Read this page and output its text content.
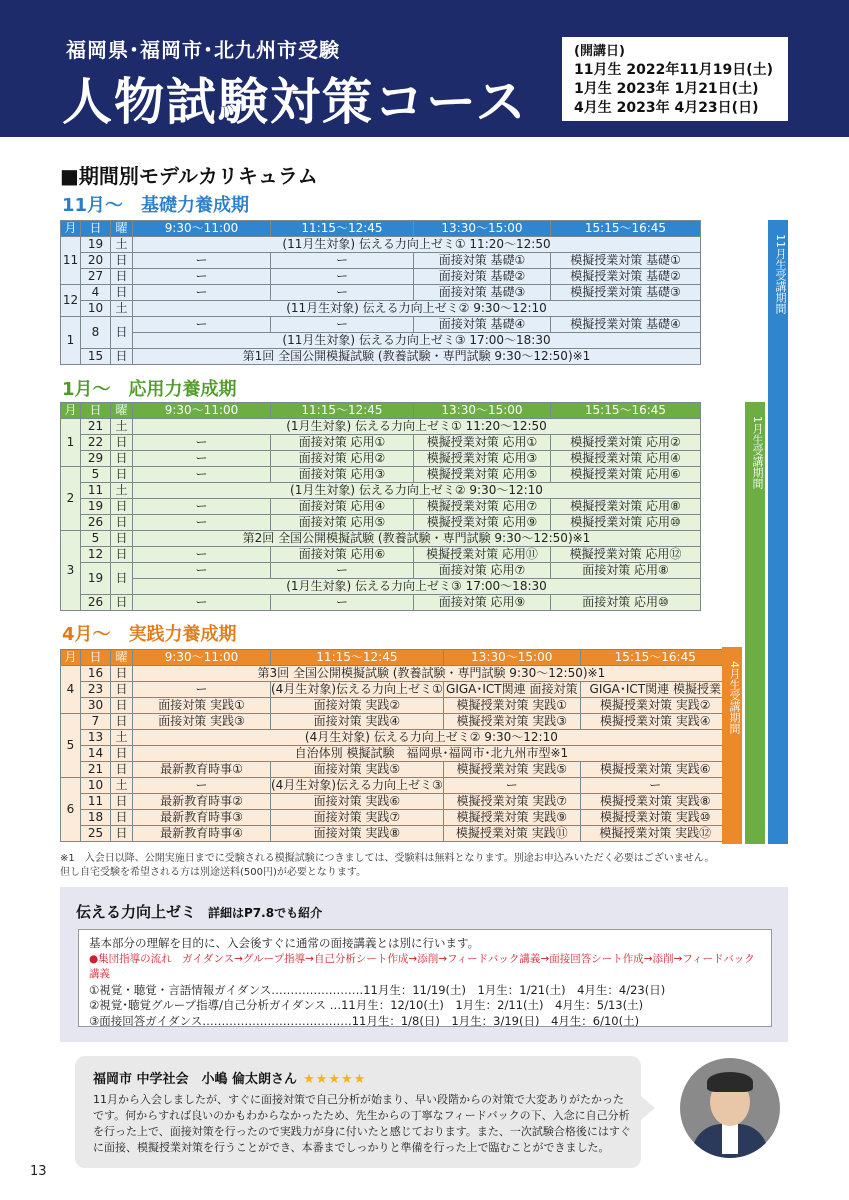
福岡県･福岡市･北九州市受験
人物試験対策コース
(開講日)
11月生 2022年11月19日(土)
1月生 2023年 1月21日(土)
4月生 2023年 4月23日(日)
■期間別モデルカリキュラム
11月～　基礎力養成期
月	日	曜	9:30～11:00	11:15～12:45	13:30～15:00	15:15～16:45
11	19	土	(11月生対象) 伝える力向上ゼミ① 11:20～12:50			
	20	日	ー	ー	面接対策 基礎①	模擬授業対策 基礎①
	27	日	ー	ー	面接対策 基礎②	模擬授業対策 基礎②
12	4	日	ー	ー	面接対策 基礎③	模擬授業対策 基礎③
	10	土	(11月生対象) 伝える力向上ゼミ② 9:30～12:10			
1	8	日	ー	ー	面接対策 基礎④	模擬授業対策 基礎④
			(11月生対象) 伝える力向上ゼミ③ 17:00～18:30			
	15	日	第1回 全国公開模擬試験 (教養試験・専門試験 9:30～12:50)※1			
1月～　応用力養成期
月	日	曜	9:30～11:00	11:15～12:45	13:30～15:00	15:15～16:45
1	21	土	(1月生対象) 伝える力向上ゼミ① 11:20～12:50			
	22	日	ー	面接対策 応用①	模擬授業対策 応用①	模擬授業対策 応用②
	29	日	ー	面接対策 応用②	模擬授業対策 応用③	模擬授業対策 応用④
2	5	日	ー	面接対策 応用③	模擬授業対策 応用⑤	模擬授業対策 応用⑥
	11	土	(1月生対象) 伝える力向上ゼミ② 9:30～12:10			
	19	日	ー	面接対策 応用④	模擬授業対策 応用⑦	模擬授業対策 応用⑧
	26	日	ー	面接対策 応用⑤	模擬授業対策 応用⑨	模擬授業対策 応用⑩
3	5	日	第2回 全国公開模擬試験 (教養試験・専門試験 9:30～12:50)※1			
	12	日	ー	面接対策 応用⑥	模擬授業対策 応用⑪	模擬授業対策 応用⑫
	19	日	ー	ー	面接対策 応用⑦	面接対策 応用⑧
			(1月生対象) 伝える力向上ゼミ③ 17:00～18:30			
	26	日	ー	ー	面接対策 応用⑨	面接対策 応用⑩
4月～　実践力養成期
月	日	曜	9:30～11:00	11:15～12:45	13:30～15:00	15:15～16:45
4	16	日	第3回 全国公開模擬試験 (教養試験・専門試験 9:30～12:50)※1			
	23	日	ー	(4月生対象)伝える力向上ゼミ①	GIGA･ICT関連 面接対策	GIGA･ICT関連 模擬授業
	30	日	面接対策 実践①	面接対策 実践②	模擬授業対策 実践①	模擬授業対策 実践②
5	7	日	面接対策 実践③	面接対策 実践④	模擬授業対策 実践③	模擬授業対策 実践④
	13	土	(4月生対象) 伝える力向上ゼミ② 9:30～12:10			
	14	日	自治体別 模擬試験　福岡県･福岡市･北九州市型※1			
	21	日	最新教育時事①	面接対策 実践⑤	模擬授業対策 実践⑤	模擬授業対策 実践⑥
6	10	土	ー	(4月生対象)伝える力向上ゼミ③	ー	ー
	11	日	最新教育時事②	面接対策 実践⑥	模擬授業対策 実践⑦	模擬授業対策 実践⑧
	18	日	最新教育時事③	面接対策 実践⑦	模擬授業対策 実践⑨	模擬授業対策 実践⑩
	25	日	最新教育時事④	面接対策 実践⑧	模擬授業対策 実践⑪	模擬授業対策 実践⑫
11月生受講期間
1月生受講期間
4月生受講期間
※1　入会日以降、公開実施日までに受験される模擬試験につきましては、受験料は無料となります。別途お申込みいただく必要はございません。
但し自宅受験を希望される方は別途送料(500円)が必要となります。
伝える力向上ゼミ 詳細はP7.8でも紹介
基本部分の理解を目的に、入会後すぐに通常の面接講義とは別に行います。
●集団指導の流れ　ガイダンス→グループ指導→自己分析シート作成→添削→フィードバック講義→面接回答シート作成→添削→フィードバック講義
①視覚・聴覚・言語情報ガイダンス……………………11月生：11/19(土)　1月生：1/21(土)　4月生：4/23(日)
②視覚･聴覚グループ指導/自己分析ガイダンス …11月生：12/10(土)　1月生：2/11(土)　4月生：5/13(土)
③面接回答ガイダンス…………………………………11月生：1/8(日)　1月生：3/19(日)　4月生：6/10(土)
福岡市 中学社会　小嶋 倫太朗さん ★★★★★
11月から入会しましたが、すぐに面接対策で自己分析が始まり、早い段階からの対策で大変ありがたかったです。何からすれば良いのかもわからなかったため、先生からの丁寧なフィードバックの下、入念に自己分析を行った上で、面接対策を行ったので実践力が身に付いたと感じております。また、一次試験合格後にはすぐに面接、模擬授業対策を行うことができ、本番までしっかりと準備を行った上で臨むことができました。
13
